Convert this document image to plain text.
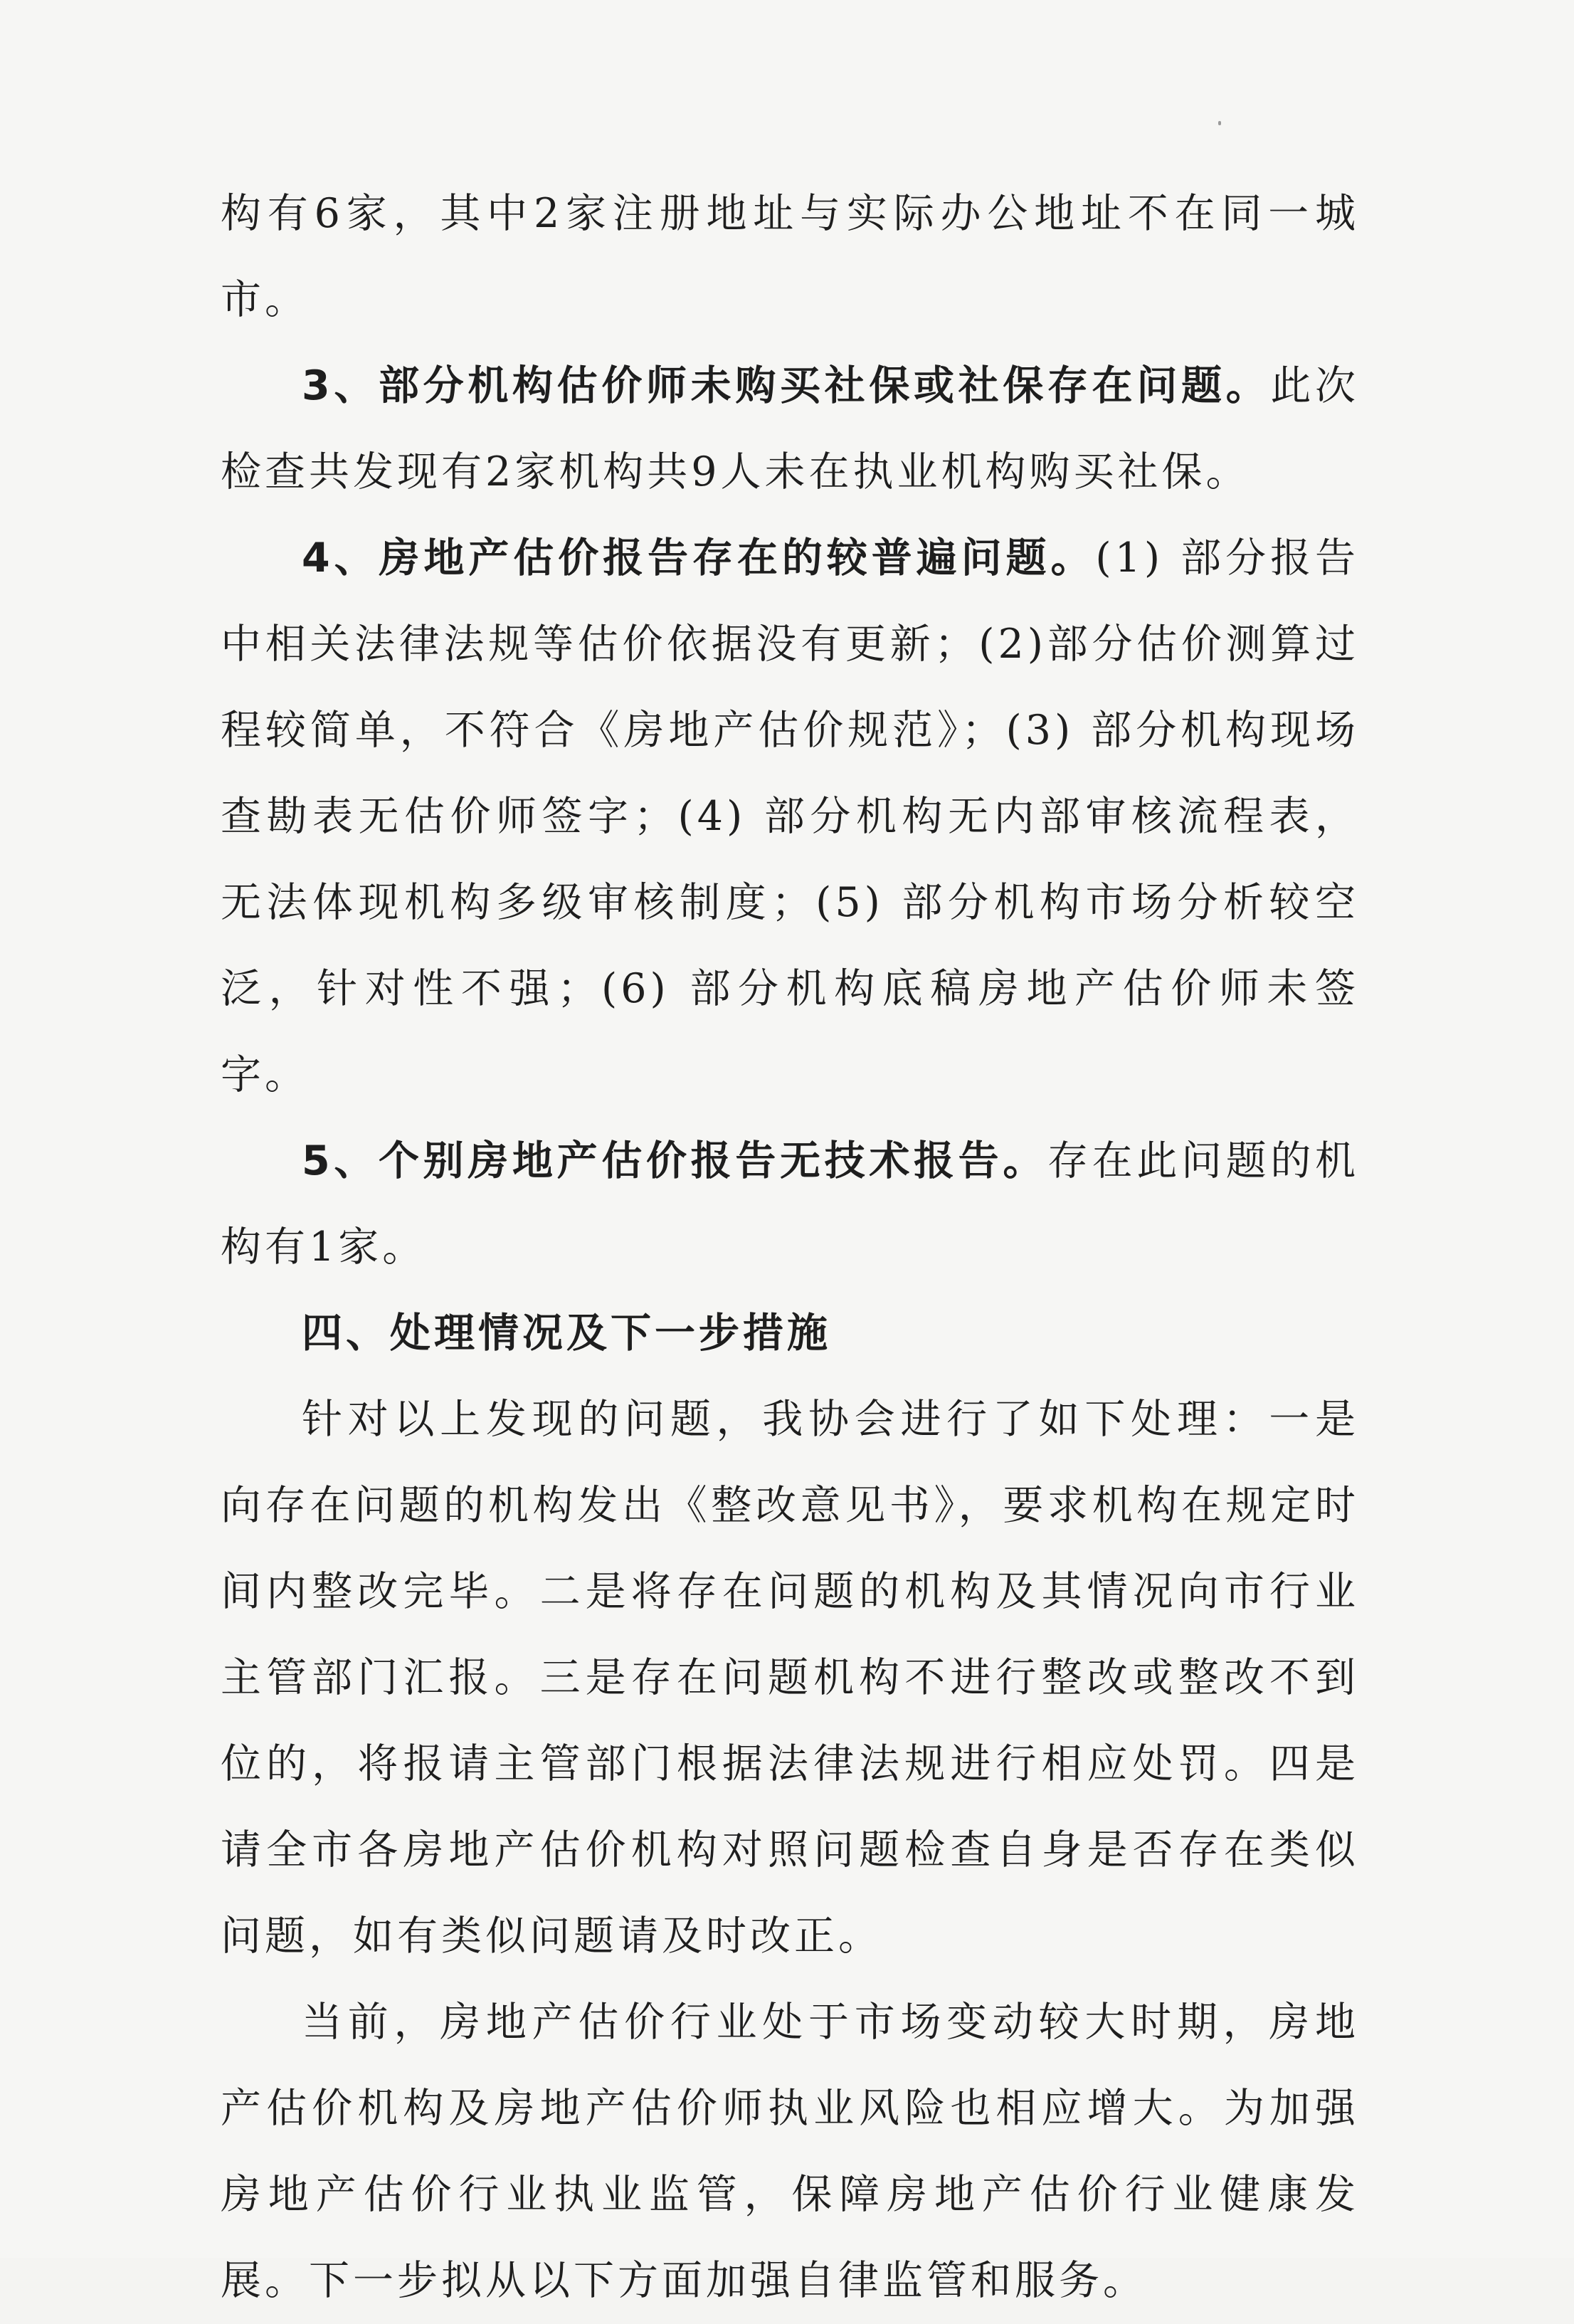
构有6家，其中2家注册地址与实际办公地址不在同一城市。

3、部分机构估价师未购买社保或社保存在问题。此次检查共发现有2家机构共9人未在执业机构购买社保。

4、房地产估价报告存在的较普遍问题。(1) 部分报告中相关法律法规等估价依据没有更新；(2)部分估价测算过程较简单，不符合《房地产估价规范》；(3) 部分机构现场查勘表无估价师签字；(4) 部分机构无内部审核流程表，无法体现机构多级审核制度；(5) 部分机构市场分析较空泛，针对性不强；(6) 部分机构底稿房地产估价师未签字。

5、个别房地产估价报告无技术报告。存在此问题的机构有1家。

四、处理情况及下一步措施

针对以上发现的问题，我协会进行了如下处理：一是向存在问题的机构发出《整改意见书》，要求机构在规定时间内整改完毕。二是将存在问题的机构及其情况向市行业主管部门汇报。三是存在问题机构不进行整改或整改不到位的，将报请主管部门根据法律法规进行相应处罚。四是请全市各房地产估价机构对照问题检查自身是否存在类似问题，如有类似问题请及时改正。

当前，房地产估价行业处于市场变动较大时期，房地产估价机构及房地产估价师执业风险也相应增大。为加强房地产估价行业执业监管，保障房地产估价行业健康发展。下一步拟从以下方面加强自律监管和服务。
